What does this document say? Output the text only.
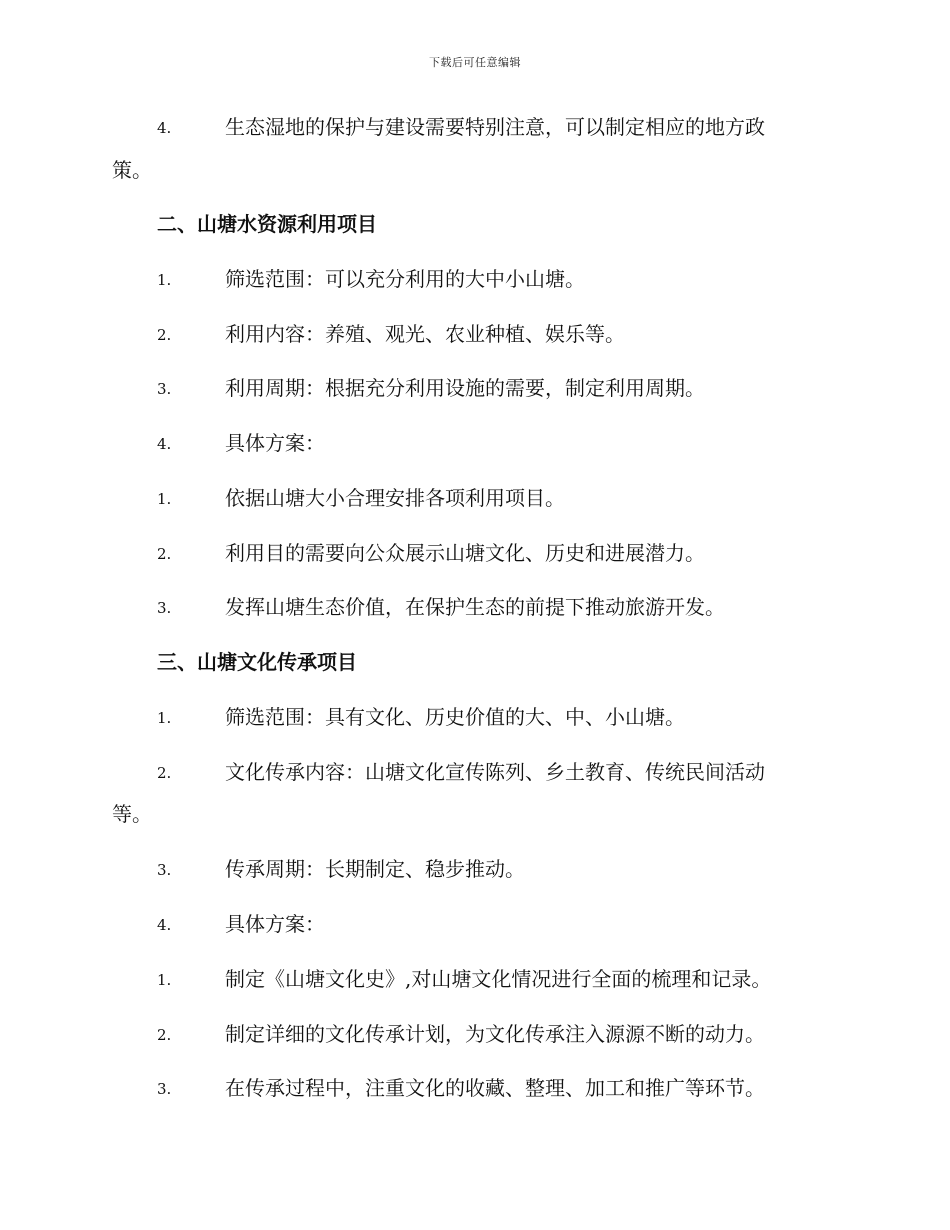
下载后可任意编辑
4.	生态湿地的保护与建设需要特别注意，可以制定相应的地方政
策。
二、山塘水资源利用项目
1.	筛选范围：可以充分利用的大中小山塘。
2.	利用内容：养殖、观光、农业种植、娱乐等。
3.	利用周期：根据充分利用设施的需要，制定利用周期。
4.	具体方案：
1.	依据山塘大小合理安排各项利用项目。
2.	利用目的需要向公众展示山塘文化、历史和进展潜力。
3.	发挥山塘生态价值，在保护生态的前提下推动旅游开发。
三、山塘文化传承项目
1.	筛选范围：具有文化、历史价值的大、中、小山塘。
2.	文化传承内容：山塘文化宣传陈列、乡土教育、传统民间活动
等。
3.	传承周期：长期制定、稳步推动。
4.	具体方案：
1.	制定《山塘文化史》,对山塘文化情况进行全面的梳理和记录。
2.	制定详细的文化传承计划，为文化传承注入源源不断的动力。
3.	在传承过程中，注重文化的收藏、整理、加工和推广等环节。
